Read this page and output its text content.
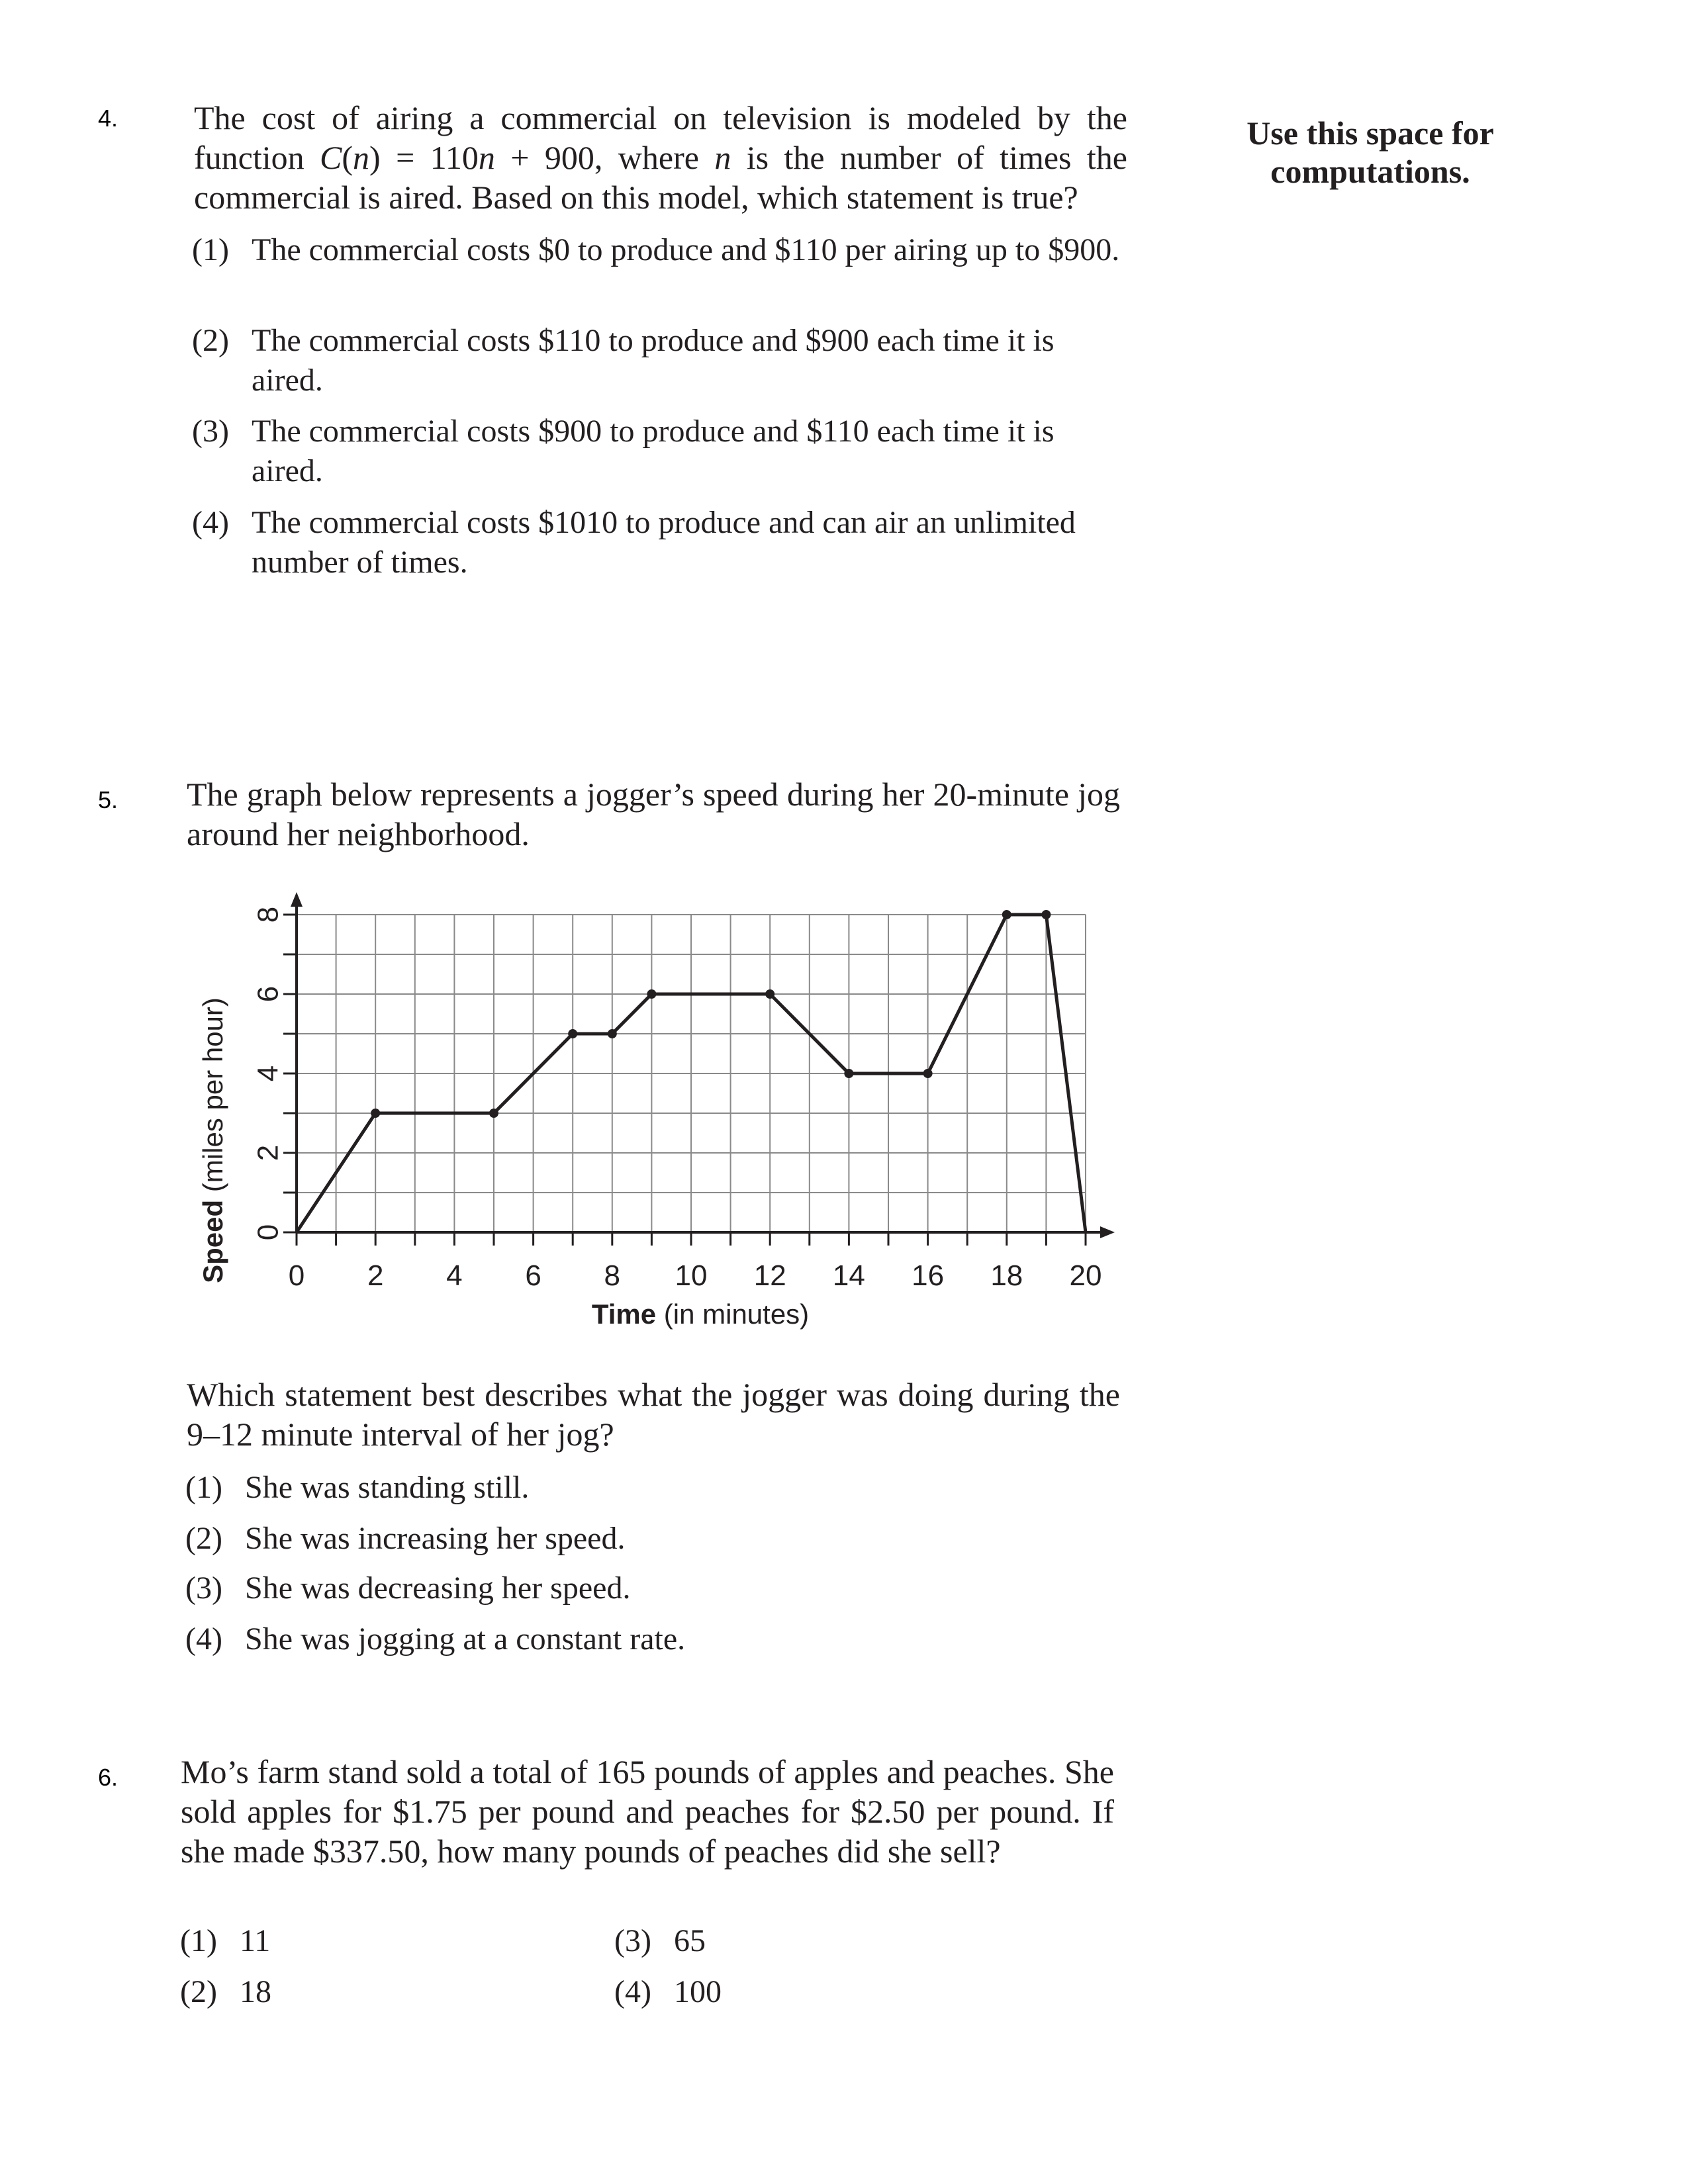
Use this space for
computations.
4. The cost of airing a commercial on television is modeled by the function C(n) = 110n + 900, where n is the number of times the commercial is aired. Based on this model, which statement is true?
(1) The commercial costs $0 to produce and $110 per airing up to $900.
(2) The commercial costs $110 to produce and $900 each time it is aired.
(3) The commercial costs $900 to produce and $110 each time it is aired.
(4) The commercial costs $1010 to produce and can air an unlimited number of times.
5. The graph below represents a jogger’s speed during her 20-minute jog around her neighborhood.
0 2 4 6 8 10 12 14 16 18 20
0
2
4
6
8
Time (in minutes)
Speed (miles per hour)
Which statement best describes what the jogger was doing during the 9–12 minute interval of her jog?
(1) She was standing still.
(2) She was increasing her speed.
(3) She was decreasing her speed.
(4) She was jogging at a constant rate.
6. Mo’s farm stand sold a total of 165 pounds of apples and peaches. She sold apples for $1.75 per pound and peaches for $2.50 per pound. If she made $337.50, how many pounds of peaches did she sell?
(1) 11
(2) 18
(3) 65
(4) 100
